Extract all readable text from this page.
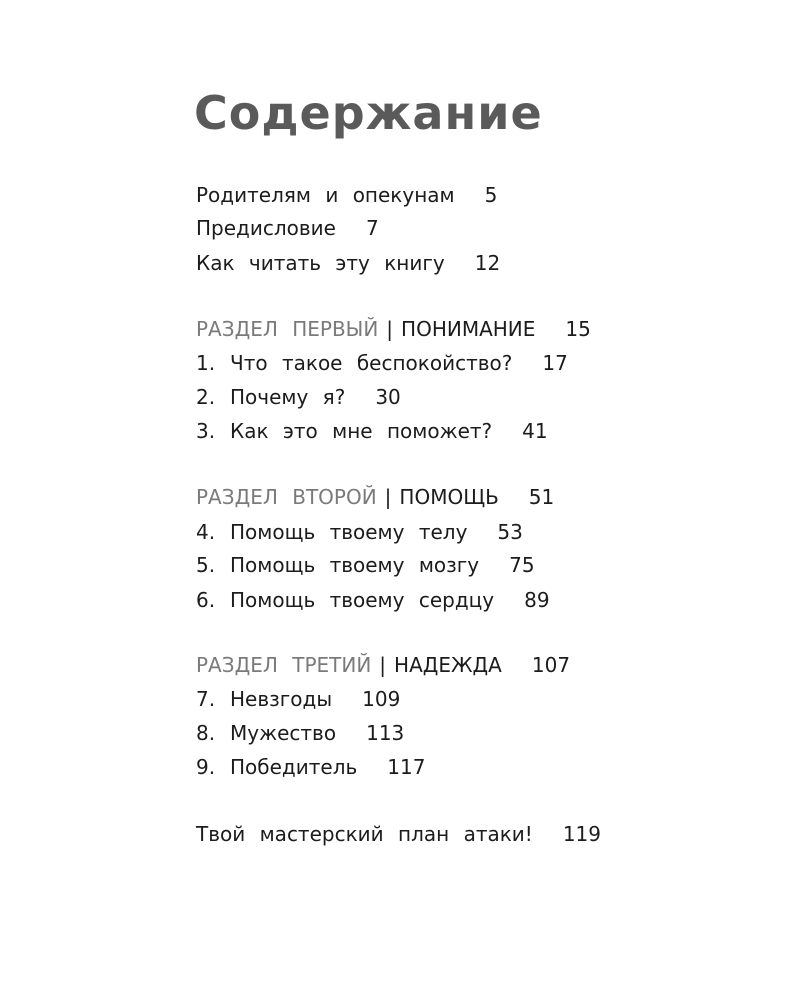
Содержание
Родителям и опекунам 5
Предисловие 7
Как читать эту книгу 12
РАЗДЕЛ ПЕРВЫЙ | ПОНИМАНИЕ 15
1. Что такое беспокойство? 17
2. Почему я? 30
3. Как это мне поможет? 41
РАЗДЕЛ ВТОРОЙ | ПОМОЩЬ 51
4. Помощь твоему телу 53
5. Помощь твоему мозгу 75
6. Помощь твоему сердцу 89
РАЗДЕЛ ТРЕТИЙ | НАДЕЖДА 107
7. Невзгоды 109
8. Мужество 113
9. Победитель 117
Твой мастерский план атаки! 119
